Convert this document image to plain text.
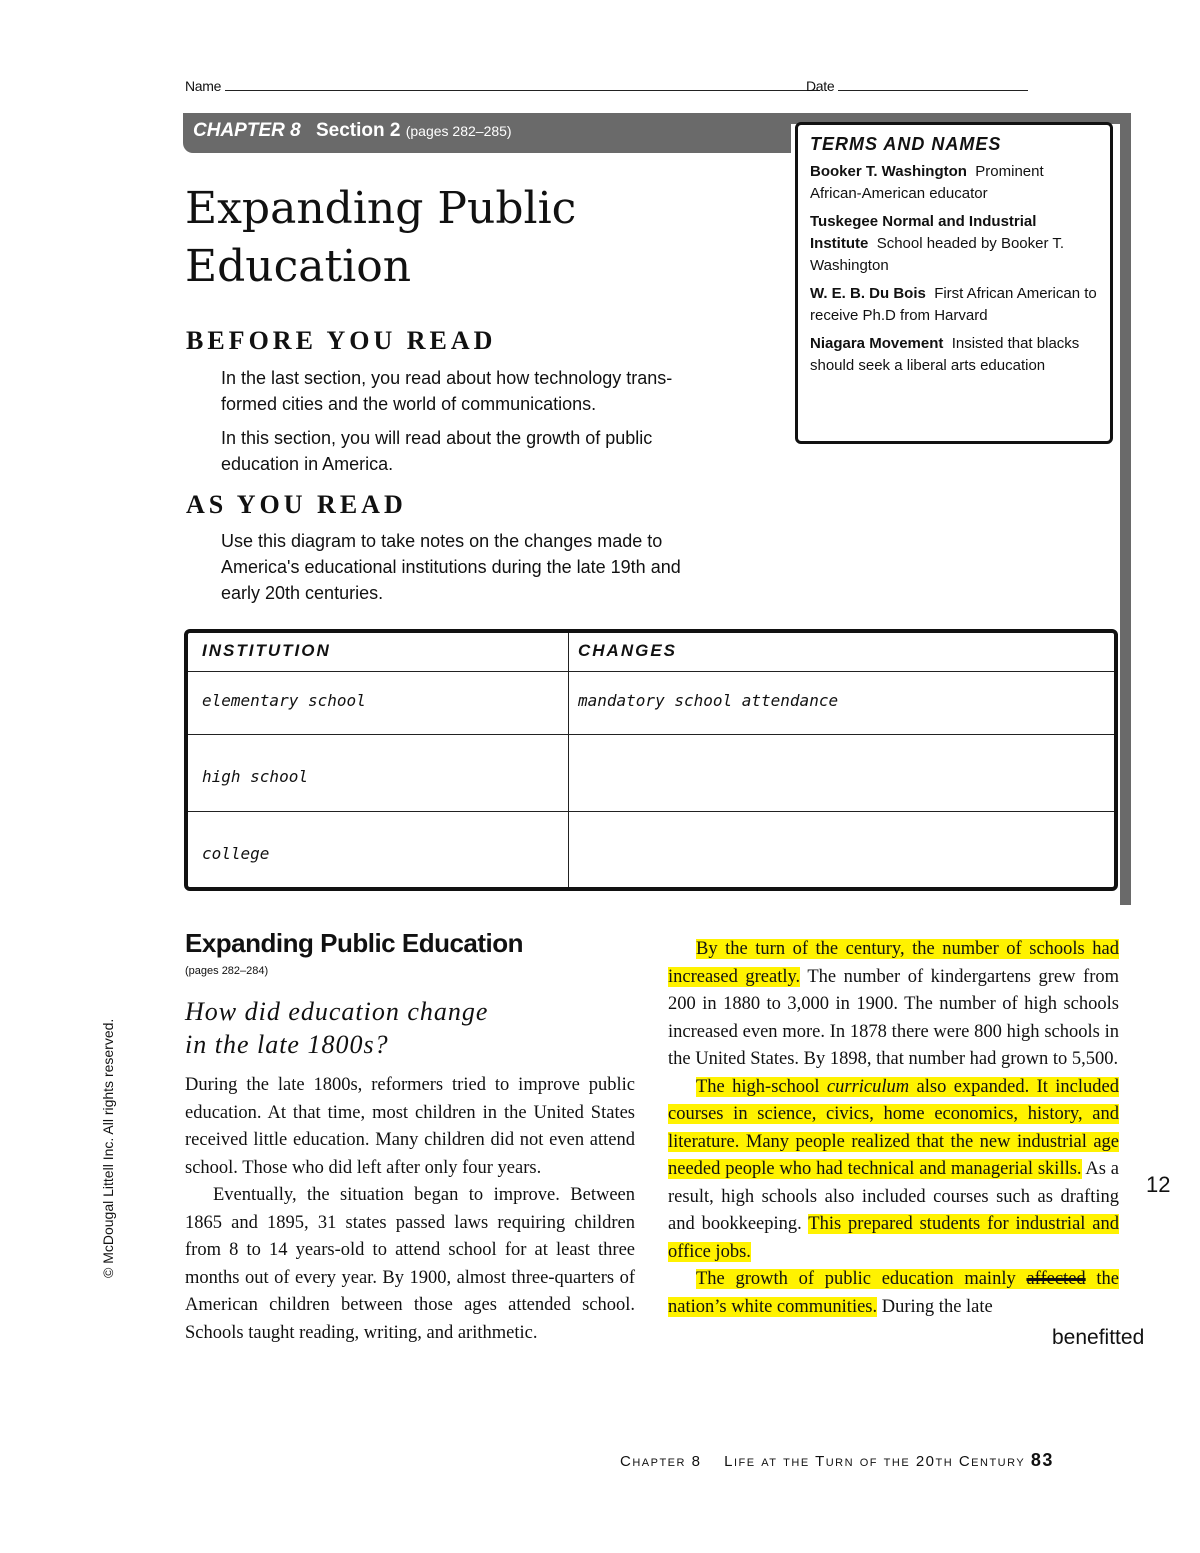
Name	Date
CHAPTER 8 Section 2 (pages 282–285)
TERMS AND NAMES
Booker T. Washington Prominent African-American educator
Tuskegee Normal and Industrial Institute School headed by Booker T. Washington
W. E. B. Du Bois First African American to receive Ph.D from Harvard
Niagara Movement Insisted that blacks should seek a liberal arts education
Expanding Public
Education
BEFORE YOU READ
In the last section, you read about how technology trans-
formed cities and the world of communications.
In this section, you will read about the growth of public
education in America.
AS YOU READ
Use this diagram to take notes on the changes made to
America's educational institutions during the late 19th and
early 20th centuries.
INSTITUTION	CHANGES
elementary school	mandatory school attendance
high school
college
Expanding Public Education
(pages 282–284)
How did education change
in the late 1800s?

During the late 1800s, reformers tried to improve public education. At that time, most children in the United States received little education. Many children did not even attend school. Those who did left after only four years.

Eventually, the situation began to improve. Between 1865 and 1895, 31 states passed laws requiring children from 8 to 14 years-old to attend school for at least three months out of every year. By 1900, almost three-quarters of American children between those ages attended school. Schools taught reading, writing, and arithmetic.

By the turn of the century, the number of schools had increased greatly. The number of kindergartens grew from 200 in 1880 to 3,000 in 1900. The number of high schools increased even more. In 1878 there were 800 high schools in the United States. By 1898, that number had grown to 5,500.

The high-school curriculum also expanded. It included courses in science, civics, home economics, history, and literature. Many people realized that the new industrial age needed people who had technical and managerial skills. As a result, high schools also included courses such as drafting and bookkeeping. This prepared students for industrial and office jobs.

The growth of public education mainly affected the nation’s white communities. During the late

12
benefitted
© McDougal Littell Inc. All rights reserved.
Chapter 8 Life at the Turn of the 20th Century 83
